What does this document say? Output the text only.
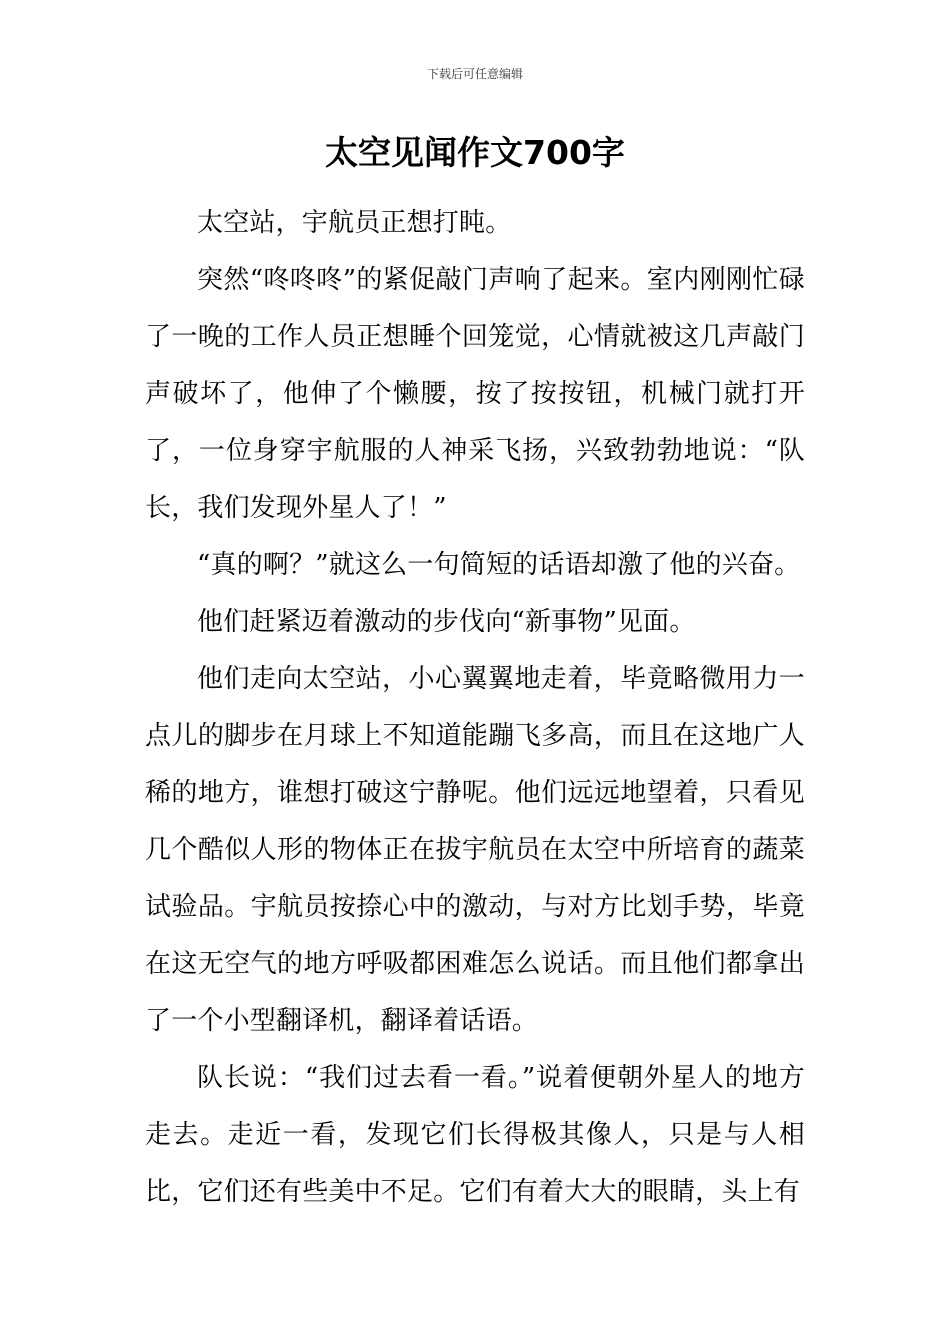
下载后可任意编辑
太空见闻作文700字

太空站，宇航员正想打盹。

突然“咚咚咚”的紧促敲门声响了起来。室内刚刚忙碌了一晚的工作人员正想睡个回笼觉，心情就被这几声敲门声破坏了，他伸了个懒腰，按了按按钮，机械门就打开了，一位身穿宇航服的人神采飞扬，兴致勃勃地说：“队长，我们发现外星人了！”

“真的啊？”就这么一句简短的话语却激了他的兴奋。

他们赶紧迈着激动的步伐向“新事物”见面。

他们走向太空站，小心翼翼地走着，毕竟略微用力一点儿的脚步在月球上不知道能蹦飞多高，而且在这地广人稀的地方，谁想打破这宁静呢。他们远远地望着，只看见几个酷似人形的物体正在拔宇航员在太空中所培育的蔬菜试验品。宇航员按捺心中的激动，与对方比划手势，毕竟在这无空气的地方呼吸都困难怎么说话。而且他们都拿出了一个小型翻译机，翻译着话语。

队长说：“我们过去看一看。”说着便朝外星人的地方走去。走近一看，发现它们长得极其像人，只是与人相比，它们还有些美中不足。它们有着大大的眼睛，头上有
